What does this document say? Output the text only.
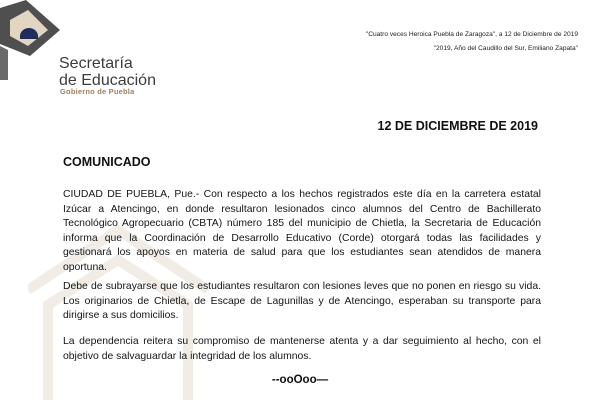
Secretaría
de Educación
Gobierno de Puebla
"Cuatro veces Heroica Puebla de Zaragoza", a 12 de Diciembre de 2019
"2019, Año del Caudillo del Sur, Emiliano Zapata"
12 DE DICIEMBRE DE 2019
COMUNICADO

CIUDAD DE PUEBLA, Pue.- Con respecto a los hechos registrados este día en la carretera estatal Izúcar a Atencingo, en donde resultaron lesionados cinco alumnos del Centro de Bachillerato Tecnológico Agropecuario (CBTA) número 185 del municipio de Chietla, la Secretaria de Educación informa que la Coordinación de Desarrollo Educativo (Corde) otorgará todas las facilidades y gestionará los apoyos en materia de salud para que los estudiantes sean atendidos de manera oportuna.

Debe de subrayarse que los estudiantes resultaron con lesiones leves que no ponen en riesgo su vida. Los originarios de Chietla, de Escape de Lagunillas y de Atencingo, esperaban su transporte para dirigirse a sus domicilios.

La dependencia reitera su compromiso de mantenerse atenta y a dar seguimiento al hecho, con el objetivo de salvaguardar la integridad de los alumnos.

--ooOoo—
